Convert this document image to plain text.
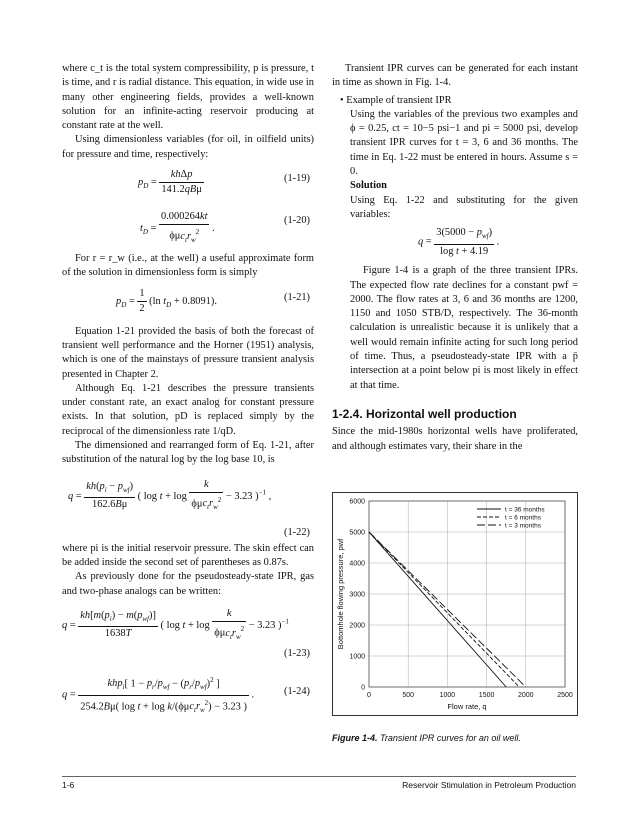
where c_t is the total system compressibility, p is pressure, t is time, and r is radial distance. This equation, in wide use in many other engineering fields, provides a well-known solution for an infinite-acting reservoir producing at constant rate at the well.

Using dimensionless variables (for oil, in oilfield units) for pressure and time, respectively:

$p_D = \frac{\text{khΔp}}{\text{141.2qBμ}}$	(1-19)
$t_D = \frac{0.000264kt}{\phi\mu c_tr_w^2}$ .
(1-20)

For r = r_w (i.e., at the well) a useful approximate form of the solution in dimensionless form is simply

$p_D = \frac{1}{2} (\ln$ $t_D + 0.8091$).	(1-21)

Equation 1-21 provided the basis of both the forecast of transient well performance and the Horner (1951) analysis, which is one of the mainstays of pressure transient analysis presented in Chapter 2.

Although Eq. 1-21 describes the pressure transients under constant rate, an exact analog for constant pressure exists. In that solution, pD is replaced simply by the reciprocal of the dimensionless rate 1/qD.

The dimensioned and rearranged form of Eq. 1-21, after substitution of the natural log by the log base 10, is

$q = \frac{kh(p_i - p_{wf})}{162.6B\mu}$ ( $\log t + \log \frac{k}{\phi\mu c_tr_w^2} - 3.23$ )$^{-1}$ ,
(1-22)

where pi is the initial reservoir pressure. The skin effect can be added inside the second set of parentheses as 0.87s.

As previously done for the pseudosteady-state IPR, gas and two-phase analogs can be written:

$q = \frac{kh[m(p_i) - m(p_{wf})]}{1638T}$ ( $\log t + \log \frac{k}{\phi\mu c_tr_w^2} - 3.23$ )$^{-1}$
(1-23)
$q = \frac{khp_i[ 1 - p_r/p_{wf} - (p_r/p_{wf})^2 ]}{254.2B\mu( \log t + \log k/(\phi\mu c_tr_w^2) - 3.23 )}$ .	(1-24)

Transient IPR curves can be generated for each instant in time as shown in Fig. 1-4.

• Example of transient IPR

Using the variables of the previous two examples and ϕ = 0.25, ct = 10−5 psi−1 and pi = 5000 psi, develop transient IPR curves for t = 3, 6 and 36 months. The time in Eq. 1-22 must be entered in hours. Assume s = 0.

Solution

Using Eq. 1-22 and substituting for the given variables:

$q = \frac{3(5000 - p_{wf})}{\text{log t + 4.19}}$ .

Figure 1-4 is a graph of the three transient IPRs. The expected flow rate declines for a constant pwf = 2000. The flow rates at 3, 6 and 36 months are 1200, 1150 and 1050 STB/D, respectively. The 36-month calculation is unrealistic because it is unlikely that a well would remain infinite acting for such long period of time. Thus, a pseudosteady-state IPR with a p̄ intersection at a point below pi is most likely in effect at that time.

1-2.4. Horizontal well production

Since the mid-1980s horizontal wells have proliferated, and although estimates vary, their share in the

0	500	1000	1500	2000	2500
0
1000
2000
3000
4000
5000
6000
Flow rate, q
Bottomhole flowing pressure, pwf
t = 36 months
t = 6 months
t = 3 months
Figure 1-4. Transient IPR curves for an oil well.
1-6	Reservoir Stimulation in Petroleum Production
